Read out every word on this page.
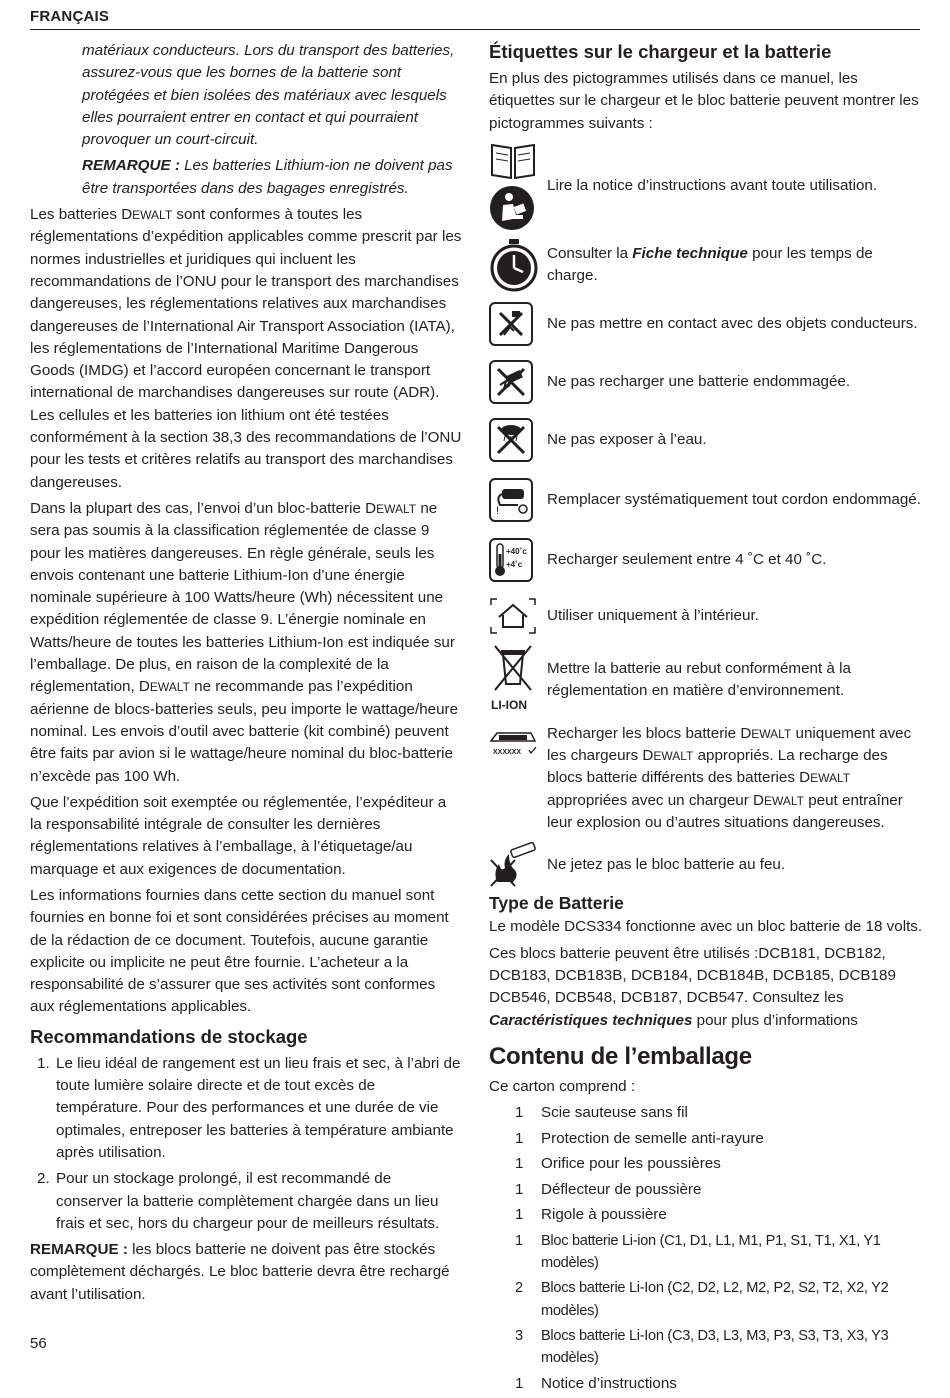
FRANÇAIS

matériaux conducteurs. Lors du transport des batteries, assurez-vous que les bornes de la batterie sont protégées et bien isolées des matériaux avec lesquels elles pourraient entrer en contact et qui pourraient provoquer un court-circuit.

REMARQUE : Les batteries Lithium-ion ne doivent pas être transportées dans des bagages enregistrés.

Les batteries DEWALT sont conformes à toutes les réglementations d’expédition applicables comme prescrit par les normes industrielles et juridiques qui incluent les recommandations de l’ONU pour le transport des marchandises dangereuses, les réglementations relatives aux marchandises dangereuses de l’International Air Transport Association (IATA), les réglementations de l’International Maritime Dangerous Goods (IMDG) et l’accord européen concernant le transport international de marchandises dangereuses sur route (ADR). Les cellules et les batteries ion lithium ont été testées conformément à la section 38,3 des recommandations de l’ONU pour les tests et critères relatifs au transport des marchandises dangereuses.

Dans la plupart des cas, l’envoi d’un bloc-batterie DEWALT ne sera pas soumis à la classification réglementée de classe 9 pour les matières dangereuses. En règle générale, seuls les envois contenant une batterie Lithium-Ion d’une énergie nominale supérieure à 100 Watts/heure (Wh) nécessitent une expédition réglementée de classe 9. L’énergie nominale en Watts/heure de toutes les batteries Lithium-Ion est indiquée sur l’emballage. De plus, en raison de la complexité de la réglementation, DEWALT ne recommande pas l’expédition aérienne de blocs-batteries seuls, peu importe le wattage/heure nominal. Les envois d’outil avec batterie (kit combiné) peuvent être faits par avion si le wattage/heure nominal du bloc-batterie n’excède pas 100 Wh.

Que l’expédition soit exemptée ou réglementée, l’expéditeur a la responsabilité intégrale de consulter les dernières réglementations relatives à l’emballage, à l’étiquetage/au marquage et aux exigences de documentation.

Les informations fournies dans cette section du manuel sont fournies en bonne foi et sont considérées précises au moment de la rédaction de ce document. Toutefois, aucune garantie explicite ou implicite ne peut être fournie. L’acheteur a la responsabilité de s’assurer que ses activités sont conformes aux réglementations applicables.

Recommandations de stockage
1. Le lieu idéal de rangement est un lieu frais et sec, à l’abri de toute lumière solaire directe et de tout excès de température. Pour des performances et une durée de vie optimales, entreposer les batteries à température ambiante après utilisation.
2. Pour un stockage prolongé, il est recommandé de conserver la batterie complètement chargée dans un lieu frais et sec, hors du chargeur pour de meilleurs résultats.

REMARQUE : les blocs batterie ne doivent pas être stockés complètement déchargés. Le bloc batterie devra être rechargé avant l’utilisation.

Étiquettes sur le chargeur et la batterie

En plus des pictogrammes utilisés dans ce manuel, les étiquettes sur le chargeur et le bloc batterie peuvent montrer les pictogrammes suivants :

Lire la notice d’instructions avant toute utilisation.
Consulter la Fiche technique pour les temps de charge.
Ne pas mettre en contact avec des objets conducteurs.
Ne pas recharger une batterie endommagée.
Ne pas exposer à l’eau.
!
Remplacer systématiquement tout cordon endommagé.
+40˚c
+4˚c Recharger seulement entre 4 ˚C et 40 ˚C.
Utiliser uniquement à l’intérieur.
LI-ION
Mettre la batterie au rebut conformément à la réglementation en matière d’environnement.
XXXXXX
Recharger les blocs batterie DEWALT uniquement avec les chargeurs DEWALT appropriés. La recharge des blocs batterie différents des batteries DEWALT appropriées avec un chargeur DEWALT peut entraîner leur explosion ou d’autres situations dangereuses.
Ne jetez pas le bloc batterie au feu.
Type de Batterie

Le modèle DCS334 fonctionne avec un bloc batterie de 18 volts.

Ces blocs batterie peuvent être utilisés :DCB181, DCB182, DCB183, DCB183B, DCB184, DCB184B, DCB185, DCB189 DCB546, DCB548, DCB187, DCB547. Consultez les Caractéristiques techniques pour plus d’informations

Contenu de l’emballage

Ce carton comprend :

1	Scie sauteuse sans fil
1	Protection de semelle anti-rayure
1	Orifice pour les poussières
1	Déflecteur de poussière
1	Rigole à poussière
1	Bloc batterie Li-ion (C1, D1, L1, M1, P1, S1, T1, X1, Y1 modèles)
2	Blocs batterie Li-Ion (C2, D2, L2, M2, P2, S2, T2, X2, Y2 modèles)
3	Blocs batterie Li-Ion (C3, D3, L3, M3, P3, S3, T3, X3, Y3 modèles)
1	Notice d’instructions
56
